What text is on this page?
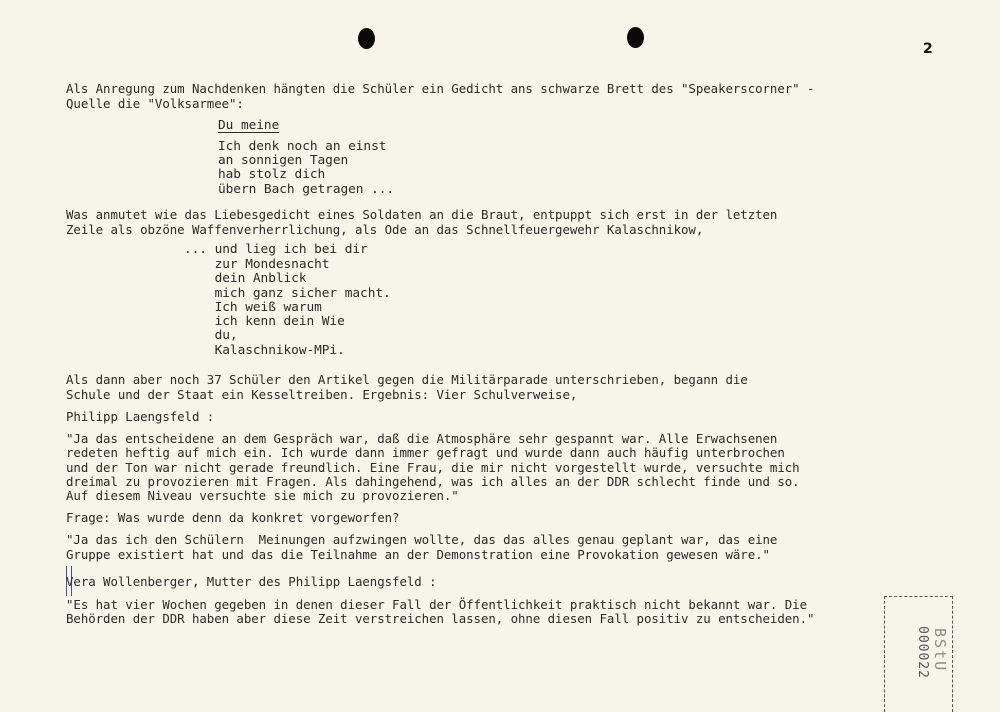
2
Als Anregung zum Nachdenken hängten die Schüler ein Gedicht ans schwarze Brett des "Speakerscorner" -
Quelle die "Volksarmee":
Du meine
Ich denk noch an einst
an sonnigen Tagen
hab stolz dich
übern Bach getragen ...
Was anmutet wie das Liebesgedicht eines Soldaten an die Braut, entpuppt sich erst in der letzten
Zeile als obzöne Waffenverherrlichung, als Ode an das Schnellfeuergewehr Kalaschnikow,
... und lieg ich bei dir
zur Mondesnacht
dein Anblick
mich ganz sicher macht.
Ich weiß warum
ich kenn dein Wie
du,
Kalaschnikow-MPi.
Als dann aber noch 37 Schüler den Artikel gegen die Militärparade unterschrieben, begann die
Schule und der Staat ein Kesseltreiben. Ergebnis: Vier Schulverweise,
Philipp Laengsfeld :
"Ja das entscheidene an dem Gespräch war, daß die Atmosphäre sehr gespannt war. Alle Erwachsenen
redeten heftig auf mich ein. Ich wurde dann immer gefragt und wurde dann auch häufig unterbrochen
und der Ton war nicht gerade freundlich. Eine Frau, die mir nicht vorgestellt wurde, versuchte mich
dreimal zu provozieren mit Fragen. Als dahingehend, was ich alles an der DDR schlecht finde und so.
Auf diesem Niveau versuchte sie mich zu provozieren."
Frage: Was wurde denn da konkret vorgeworfen?
"Ja das ich den Schülern  Meinungen aufzwingen wollte, das das alles genau geplant war, das eine
Gruppe existiert hat und das die Teilnahme an der Demonstration eine Provokation gewesen wäre."
Vera Wollenberger, Mutter des Philipp Laengsfeld :
"Es hat vier Wochen gegeben in denen dieser Fall der Öffentlichkeit praktisch nicht bekannt war. Die
Behörden der DDR haben aber diese Zeit verstreichen lassen, ohne diesen Fall positiv zu entscheiden."
BStU
000022
